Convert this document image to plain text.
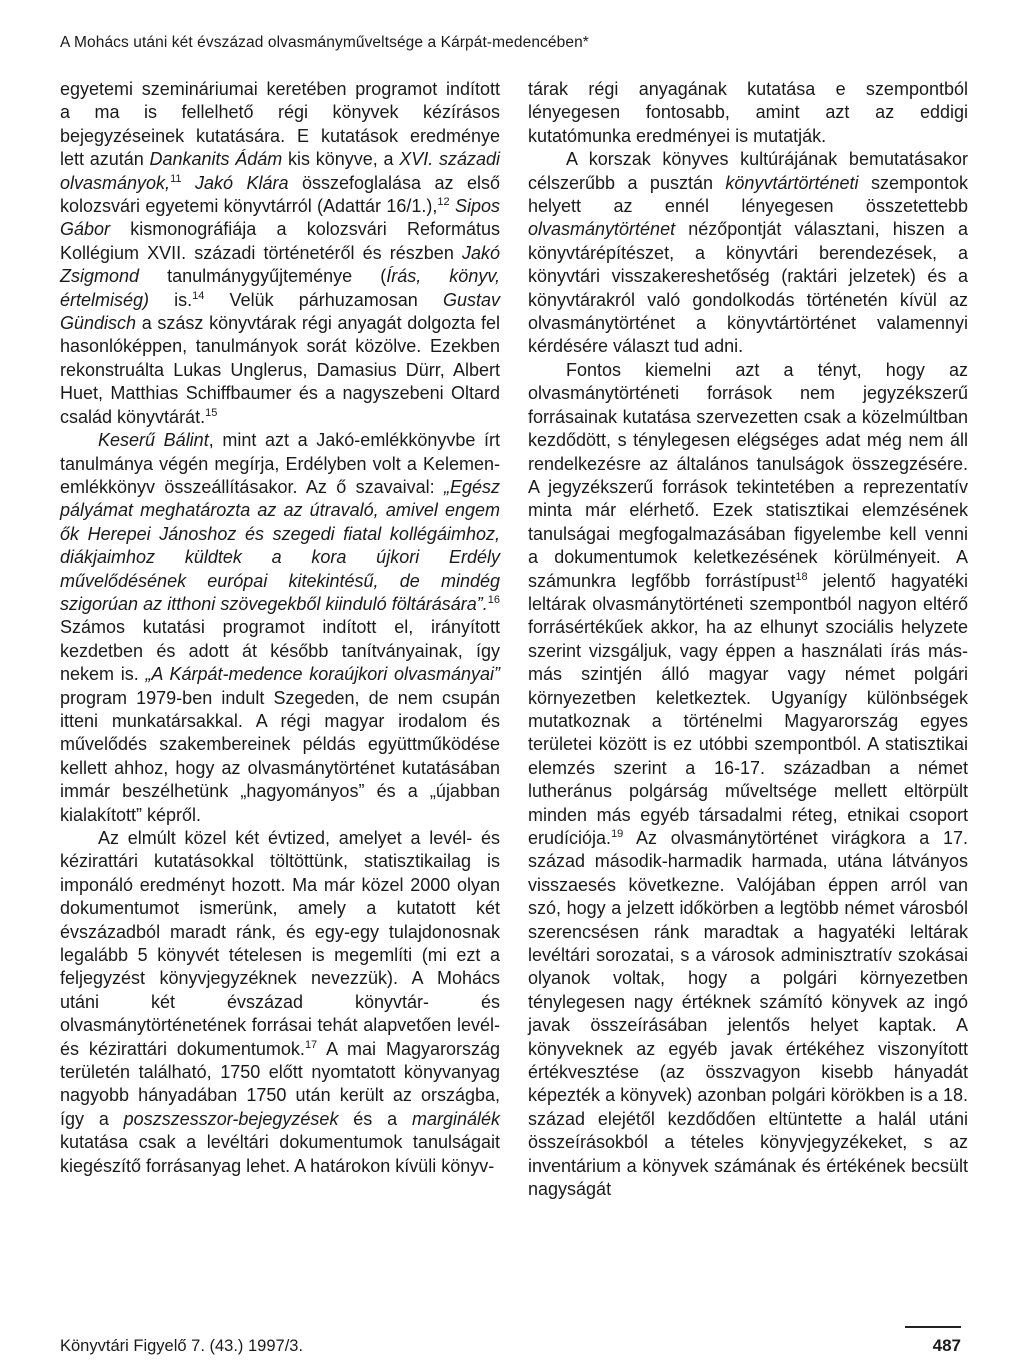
A Mohács utáni két évszázad olvasmányműveltsége a Kárpát-medencében*

egyetemi szemináriumai keretében programot indított a ma is fellelhető régi könyvek kézírásos bejegyzéseinek kutatására. E kutatások eredménye lett azután Dankanits Ádám kis könyve, a XVI. századi olvasmányok,$^{11}$ Jakó Klára összefoglalása az első kolozsvári egyetemi könyvtárról (Adattár 16/1.),$^{12}$ Sipos Gábor kismonográfiája a kolozsvári Református Kollégium XVII. századi történetéről és részben Jakó Zsigmond tanulmánygyűjteménye (Írás, könyv, értelmiség) is.$^{14}$ Velük párhuzamosan Gustav Gündisch a szász könyvtárak régi anyagát dolgozta fel hasonlóképpen, tanulmányok sorát közölve. Ezekben rekonstruálta Lukas Unglerus, Damasius Dürr, Albert Huet, Matthias Schiffbaumer és a nagyszebeni Oltard család könyvtárát.$^{15}$

Keserű Bálint, mint azt a Jakó-emlékkönyvbe írt tanulmánya végén megírja, Erdélyben volt a Kelemen-emlékkönyv összeállításakor. Az ő szavaival: „Egész pályámat meghatározta az az útravaló, amivel engem ők Herepei Jánoshoz és szegedi fiatal kollégáimhoz, diákjaimhoz küldtek a kora újkori Erdély művelődésének európai kitekintésű, de mindég szigorúan az itthoni szövegekből kiinduló föltárására”.$^{16}$ Számos kutatási programot indított el, irányított kezdetben és adott át később tanítványainak, így nekem is. „A Kárpát-medence koraújkori olvasmányai” program 1979-ben indult Szegeden, de nem csupán itteni munkatársakkal. A régi magyar irodalom és művelődés szakembereinek példás együttműködése kellett ahhoz, hogy az olvasmánytörténet kutatásában immár beszélhetünk „hagyományos” és a „újabban kialakított” képről.

Az elmúlt közel két évtized, amelyet a levél- és kézirattári kutatásokkal töltöttünk, statisztikailag is imponáló eredményt hozott. Ma már közel 2000 olyan dokumentumot ismerünk, amely a kutatott két évszázadból maradt ránk, és egy-egy tulajdonosnak legalább 5 könyvét tételesen is megemlíti (mi ezt a feljegyzést könyvjegyzéknek nevezzük). A Mohács utáni két évszázad könyvtár- és olvasmánytörténetének forrásai tehát alapvetően levél- és kézirattári dokumentumok.$^{17}$ A mai Magyarország területén található, 1750 előtt nyomtatott könyvanyag nagyobb hányadában 1750 után került az országba, így a poszszesszor-bejegyzések és a marginálék kutatása csak a levéltári dokumentumok tanulságait kiegészítő forrásanyag lehet. A határokon kívüli könyv-

tárak régi anyagának kutatása e szempontból lényegesen fontosabb, amint azt az eddigi kutatómunka eredményei is mutatják.

A korszak könyves kultúrájának bemutatásakor célszerűbb a pusztán könyvtártörténeti szempontok helyett az ennél lényegesen összetettebb olvasmánytörténet nézőpontját választani, hiszen a könyvtárépítészet, a könyvtári berendezések, a könyvtári visszakereshetőség (raktári jelzetek) és a könyvtárakról való gondolkodás történetén kívül az olvasmánytörténet a könyvtártörténet valamennyi kérdésére választ tud adni.

Fontos kiemelni azt a tényt, hogy az olvasmánytörténeti források nem jegyzékszerű forrásainak kutatása szervezetten csak a közelmúltban kezdődött, s ténylegesen elégséges adat még nem áll rendelkezésre az általános tanulságok összegzésére. A jegyzékszerű források tekintetében a reprezentatív minta már elérhető. Ezek statisztikai elemzésének tanulságai megfogalmazásában figyelembe kell venni a dokumentumok keletkezésének körülményeit. A számunkra legfőbb forrástípust$^{18}$ jelentő hagyatéki leltárak olvasmánytörténeti szempontból nagyon eltérő forrásértékűek akkor, ha az elhunyt szociális helyzete szerint vizsgáljuk, vagy éppen a használati írás más-más szintjén álló magyar vagy német polgári környezetben keletkeztek. Ugyanígy különbségek mutatkoznak a történelmi Magyarország egyes területei között is ez utóbbi szempontból. A statisztikai elemzés szerint a 16-17. században a német lutheránus polgárság műveltsége mellett eltörpült minden más egyéb társadalmi réteg, etnikai csoport erudíciója.$^{19}$ Az olvasmánytörténet virágkora a 17. század második-harmadik harmada, utána látványos visszaesés következne. Valójában éppen arról van szó, hogy a jelzett időkörben a legtöbb német városból szerencsésen ránk maradtak a hagyatéki leltárak levéltári sorozatai, s a városok adminisztratív szokásai olyanok voltak, hogy a polgári környezetben ténylegesen nagy értéknek számító könyvek az ingó javak összeírásában jelentős helyet kaptak. A könyveknek az egyéb javak értékéhez viszonyított értékvesztése (az összvagyon kisebb hányadát képezték a könyvek) azonban polgári körökben is a 18. század elejétől kezdődően eltüntette a halál utáni összeírásokból a tételes könyvjegyzékeket, s az inventárium a könyvek számának és értékének becsült nagyságát

Könyvtári Figyelő 7. (43.) 1997/3.	487
